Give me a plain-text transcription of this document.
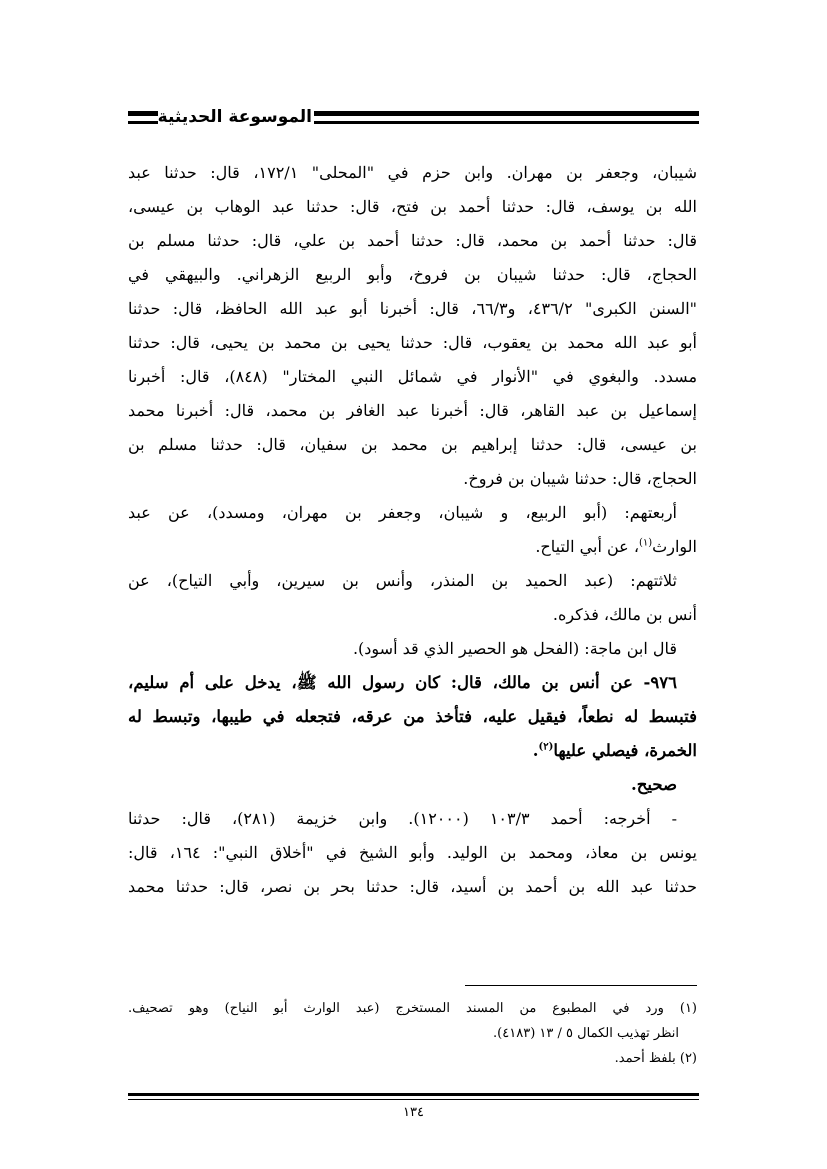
الموسوعة الحديثية
شيبان، وجعفر بن مهران. وابن حزم في "المحلى" ١٧٢/١، قال: حدثنا عبد
الله بن يوسف، قال: حدثنا أحمد بن فتح، قال: حدثنا عبد الوهاب بن عيسى،
قال: حدثنا أحمد بن محمد، قال: حدثنا أحمد بن علي، قال: حدثنا مسلم بن
الحجاج، قال: حدثنا شيبان بن فروخ، وأبو الربيع الزهراني. والبيهقي في
"السنن الكبرى" ٤٣٦/٢، و٦٦/٣، قال: أخبرنا أبو عبد الله الحافظ، قال: حدثنا
أبو عبد الله محمد بن يعقوب، قال: حدثنا يحيى بن محمد بن يحيى، قال: حدثنا
مسدد. والبغوي في "الأنوار في شمائل النبي المختار" (٨٤٨)، قال: أخبرنا
إسماعيل بن عبد القاهر، قال: أخبرنا عبد الغافر بن محمد، قال: أخبرنا محمد
بن عيسى، قال: حدثنا إبراهيم بن محمد بن سفيان، قال: حدثنا مسلم بن
الحجاج، قال: حدثنا شيبان بن فروخ.
أربعتهم: (أبو الربيع، و شيبان، وجعفر بن مهران، ومسدد)، عن عبد
الوارث$^{(١)}$، عن أبي التياح.
ثلاثتهم: (عبد الحميد بن المنذر، وأنس بن سيرين، وأبي التياح)، عن
أنس بن مالك، فذكره.
قال ابن ماجة: (الفحل هو الحصير الذي قد أسود).
٩٧٦- عن أنس بن مالك، قال: كان رسول الله ﷺ، يدخل على أم سليم،
فتبسط له نطعاً، فيقيل عليه، فتأخذ من عرقه، فتجعله في طيبها، وتبسط له
الخمرة، فيصلي عليها$^{(٢)}$.
صحيح.
- أخرجه: أحمد ١٠٣/٣ (١٢٠٠٠). وابن خزيمة (٢٨١)، قال: حدثنا
يونس بن معاذ، ومحمد بن الوليد. وأبو الشيخ في "أخلاق النبي": ١٦٤، قال:
حدثنا عبد الله بن أحمد بن أسيد، قال: حدثنا بحر بن نصر، قال: حدثنا محمد
(١) ورد في المطبوع من المسند المستخرج (عبد الوارث أبو النياح) وهو تصحيف.
انظر تهذيب الكمال ٥ / ١٣ (٤١٨٣).
(٢) بلفظ أحمد.
١٣٤
